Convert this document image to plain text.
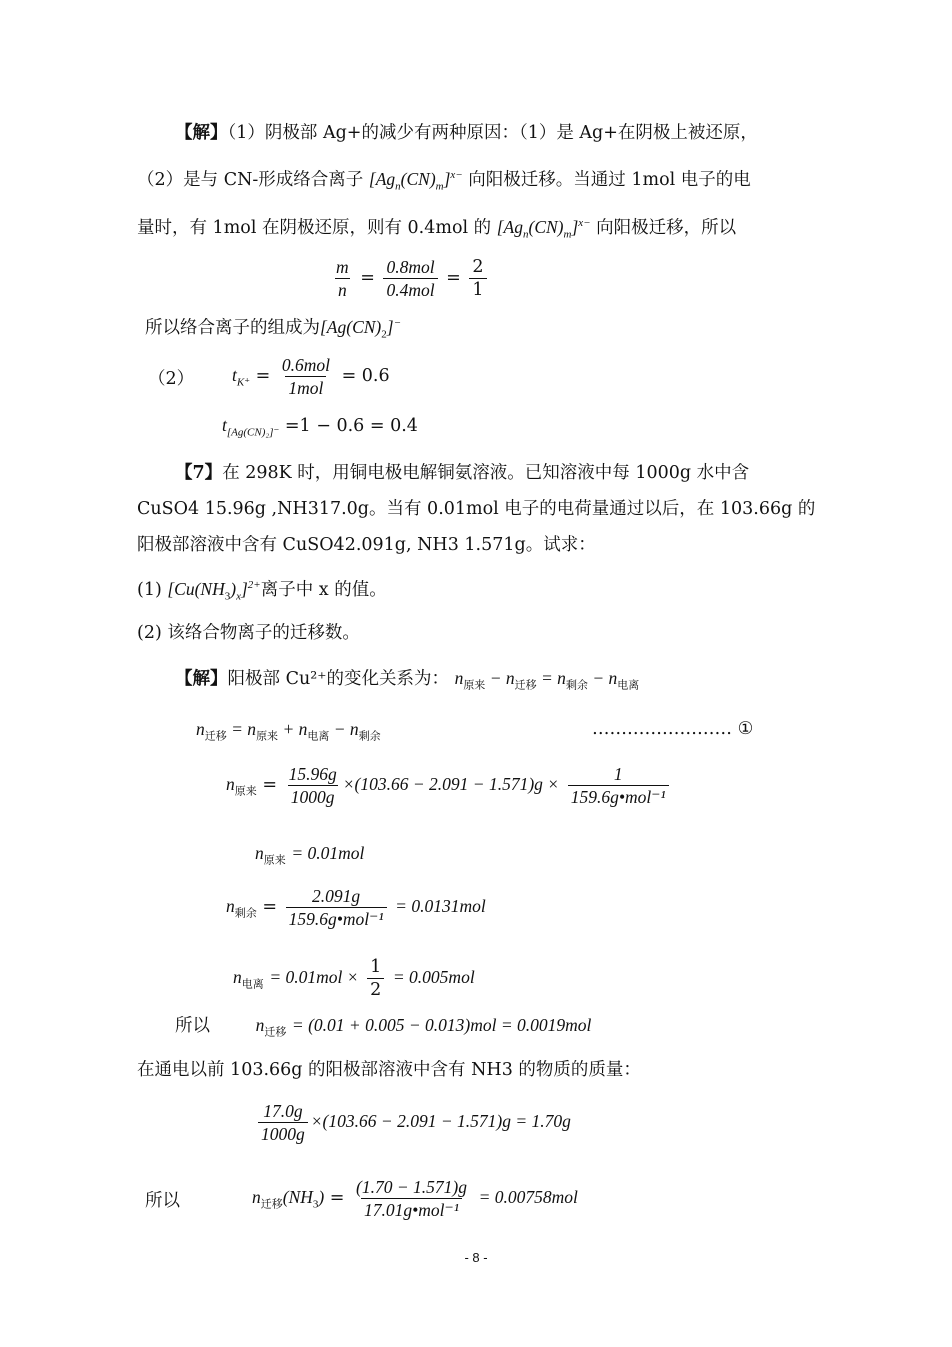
【解】（1）阴极部 Ag+的减少有两种原因：（1）是 Ag+在阴极上被还原，
（2）是与 CN-形成络合离子 $[Ag_n(CN)_m]^{x-}$ 向阳极迁移。当通过 1mol 电子的电
量时，有 1mol 在阴极还原，则有 0.4mol 的 $[Ag_n(CN)_m]^{x-}$ 向阳极迁移，所以
$\frac{m}{n} = \frac{\text{0.8mol}}{\text{0.4mol}} = \frac{2}{1}$
所以络合离子的组成为$[Ag(CN)_2]^-$
（2） $t_{K^+} = \frac{\text{0.6mol}}{\text{1mol}} = 0.6$
$t_{[Ag(CN)_2]^-} =1 - 0.6 = 0.4$
【7】在 298K 时，用铜电极电解铜氨溶液。已知溶液中每 1000g 水中含
CuSO4 15.96g ,NH317.0g。当有 0.01mol 电子的电荷量通过以后，在 103.66g 的
阳极部溶液中含有 CuSO42.091g, NH3 1.571g。试求：
(1) $[Cu(NH_3)_x]^{2+}$离子中 x 的值。
(2) 该络合物离子的迁移数。
【解】阳极部 Cu²⁺的变化关系为： $n_{原来} - n_{迁移} = n_{剩余} - n_{电离}$
$n_{迁移} = n_{原来} + n_{电离} - n_{剩余}$	…………………… ①
$n_{原来} = \frac{15.96g}{1000g} \times(103.66 - 2.091 - 1.571)g \times \frac{1}{\text{159.6g•mol⁻¹}}$
$n_{原来} = 0.01mol$
$n_{剩余} = \frac{2.091g}{\text{159.6g•mol⁻¹}} = 0.0131mol$
$n_{电离} = 0.01mol \times \frac{1}{2} = 0.005mol$
所以	$n_{迁移} = (0.01 + 0.005 - 0.013)mol = 0.0019mol$
在通电以前 103.66g 的阳极部溶液中含有 NH3 的物质的质量：
$\frac{17.0g}{1000g} \times(103.66 - 2.091 - 1.571)g = 1.70g$
所以	$n_{迁移}(NH_3) = \frac{(1.70 - 1.571)g}{\text{17.01g•mol⁻¹}} = 0.00758mol$
- 8 -
